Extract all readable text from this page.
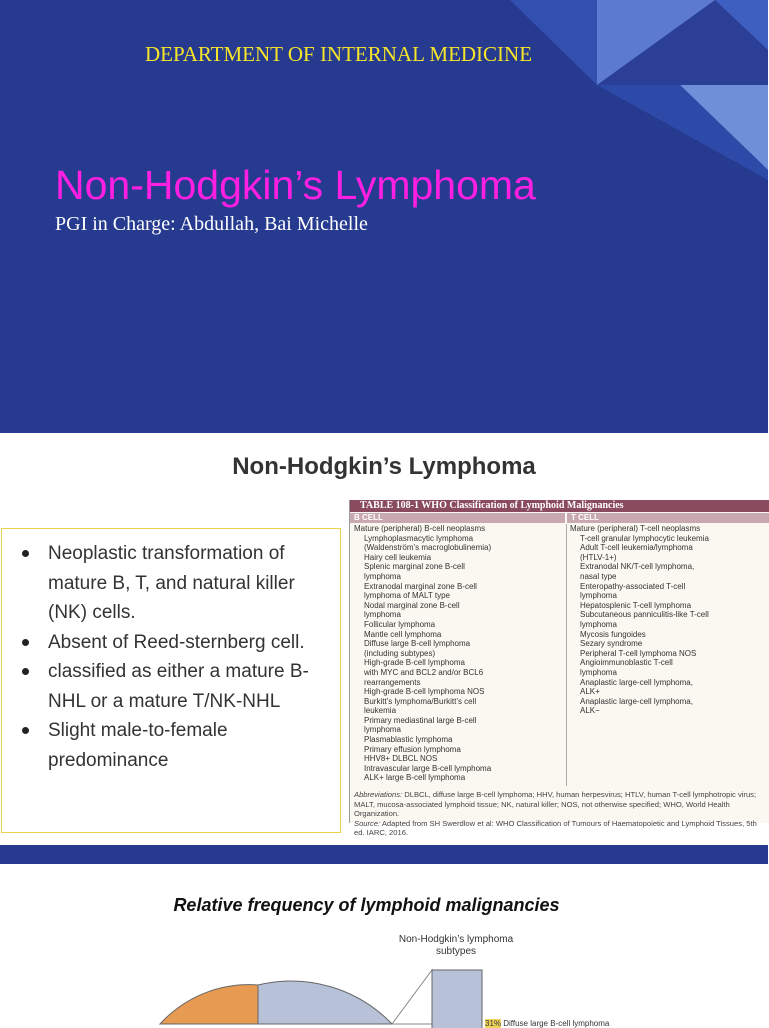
DEPARTMENT OF INTERNAL MEDICINE
Non-Hodgkin’s Lymphoma
PGI in Charge: Abdullah, Bai Michelle
Non-Hodgkin’s Lymphoma
Neoplastic transformation of mature B, T, and natural killer (NK) cells.
Absent of Reed-sternberg cell.
classified as either a mature B-NHL or a mature T/NK-NHL
Slight male-to-female predominance
TABLE 108-1 WHO Classification of Lymphoid Malignancies
B CELL	T CELL
Mature (peripheral) B-cell neoplasms
Lymphoplasmacytic lymphoma
(Waldenström’s macroglobulinemia)
Hairy cell leukemia
Splenic marginal zone B-cell
lymphoma
Extranodal marginal zone B-cell
lymphoma of MALT type
Nodal marginal zone B-cell
lymphoma
Follicular lymphoma
Mantle cell lymphoma
Diffuse large B-cell lymphoma
(including subtypes)
High-grade B-cell lymphoma
with MYC and BCL2 and/or BCL6
rearrangements
High-grade B-cell lymphoma NOS
Burkitt’s lymphoma/Burkitt’s cell
leukemia
Primary mediastinal large B-cell
lymphoma
Plasmablastic lymphoma
Primary effusion lymphoma
HHV8+ DLBCL NOS
Intravascular large B-cell lymphoma
ALK+ large B-cell lymphoma
Mature (peripheral) T-cell neoplasms
T-cell granular lymphocytic leukemia
Adult T-cell leukemia/lymphoma
(HTLV-1+)
Extranodal NK/T-cell lymphoma,
nasal type
Enteropathy-associated T-cell
lymphoma
Hepatosplenic T-cell lymphoma
Subcutaneous panniculitis-like T-cell
lymphoma
Mycosis fungoides
Sezary syndrome
Peripheral T-cell lymphoma NOS
Angioimmunoblastic T-cell
lymphoma
Anaplastic large-cell lymphoma,
ALK+
Anaplastic large-cell lymphoma,
ALK−
Abbreviations: DLBCL, diffuse large B-cell lymphoma; HHV, human herpesvirus; HTLV, human T-cell lymphotropic virus; MALT, mucosa-associated lymphoid tissue; NK, natural killer; NOS, not otherwise specified; WHO, World Health Organization.
Source: Adapted from SH Swerdlow et al: WHO Classification of Tumours of Haematopoietic and Lymphoid Tissues, 5th ed. IARC, 2016.
Relative frequency of lymphoid malignancies
Non-Hodgkin’s lymphoma subtypes
31% Diffuse large B-cell lymphoma
